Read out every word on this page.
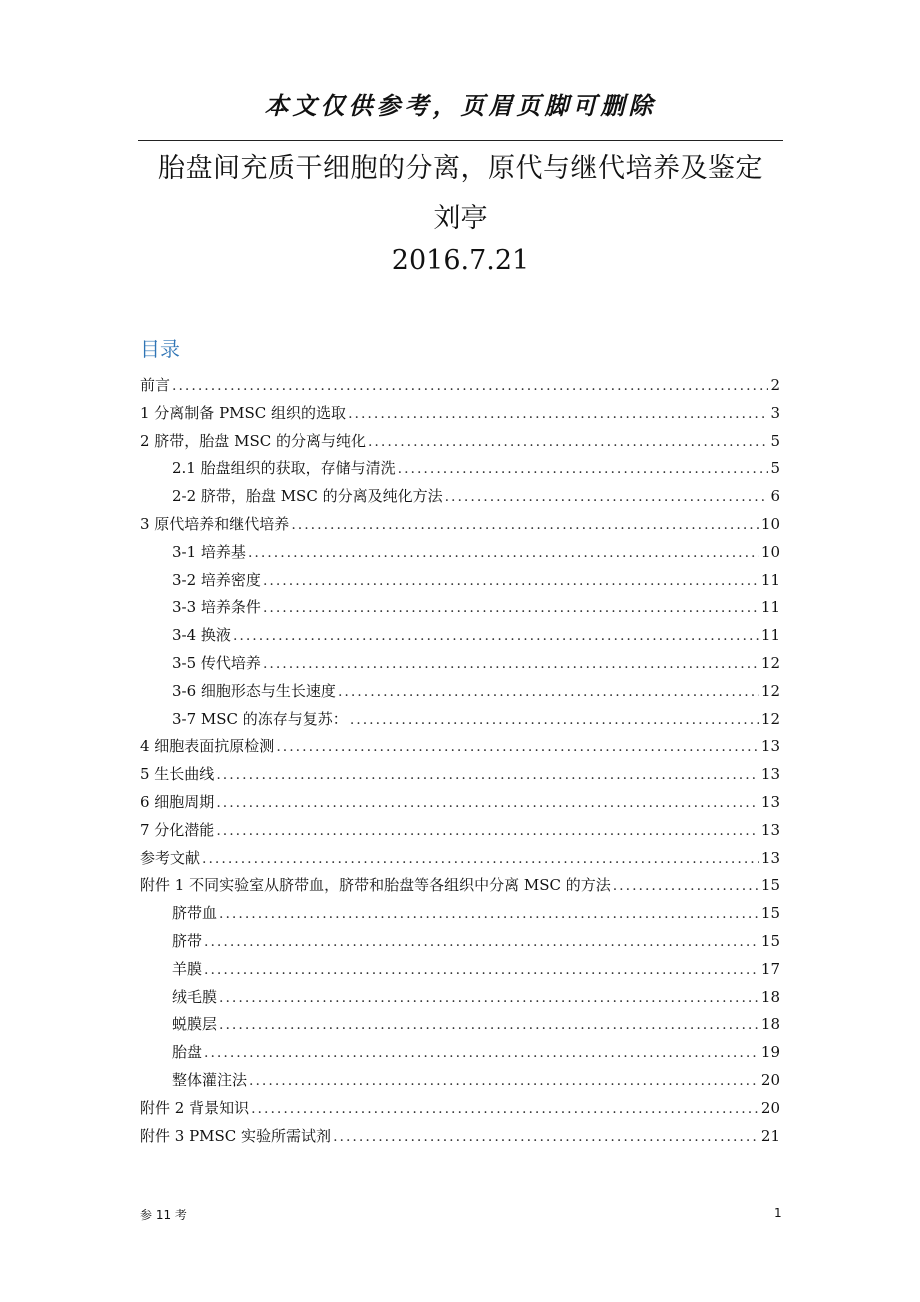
本文仅供参考，页眉页脚可删除
胎盘间充质干细胞的分离，原代与继代培养及鉴定
刘亭
2016.7.21
目录
前言 .....	2
1 分离制备 PMSC 组织的选取 .....	3
2 脐带，胎盘 MSC 的分离与纯化 .....	5
2.1 胎盘组织的获取，存储与清洗 .....	5
2-2 脐带，胎盘 MSC 的分离及纯化方法 .....	6
3 原代培养和继代培养 .....	10
3-1 培养基 .....	10
3-2 培养密度 .....	11
3-3 培养条件 .....	11
3-4 换液 .....	11
3-5 传代培养 .....	12
3-6 细胞形态与生长速度 .....	12
3-7 MSC 的冻存与复苏： .....	12
4 细胞表面抗原检测 .....	13
5 生长曲线 .....	13
6 细胞周期 .....	13
7 分化潜能 .....	13
参考文献 .....	13
附件 1 不同实验室从脐带血，脐带和胎盘等各组织中分离 MSC 的方法 .....	15
脐带血 .....	15
脐带 .....	15
羊膜 .....	17
绒毛膜 .....	18
蜕膜层 .....	18
胎盘 .....	19
整体灌注法 .....	20
附件 2 背景知识 .....	20
附件 3 PMSC 实验所需试剂 .....	21
参 11 考	1
